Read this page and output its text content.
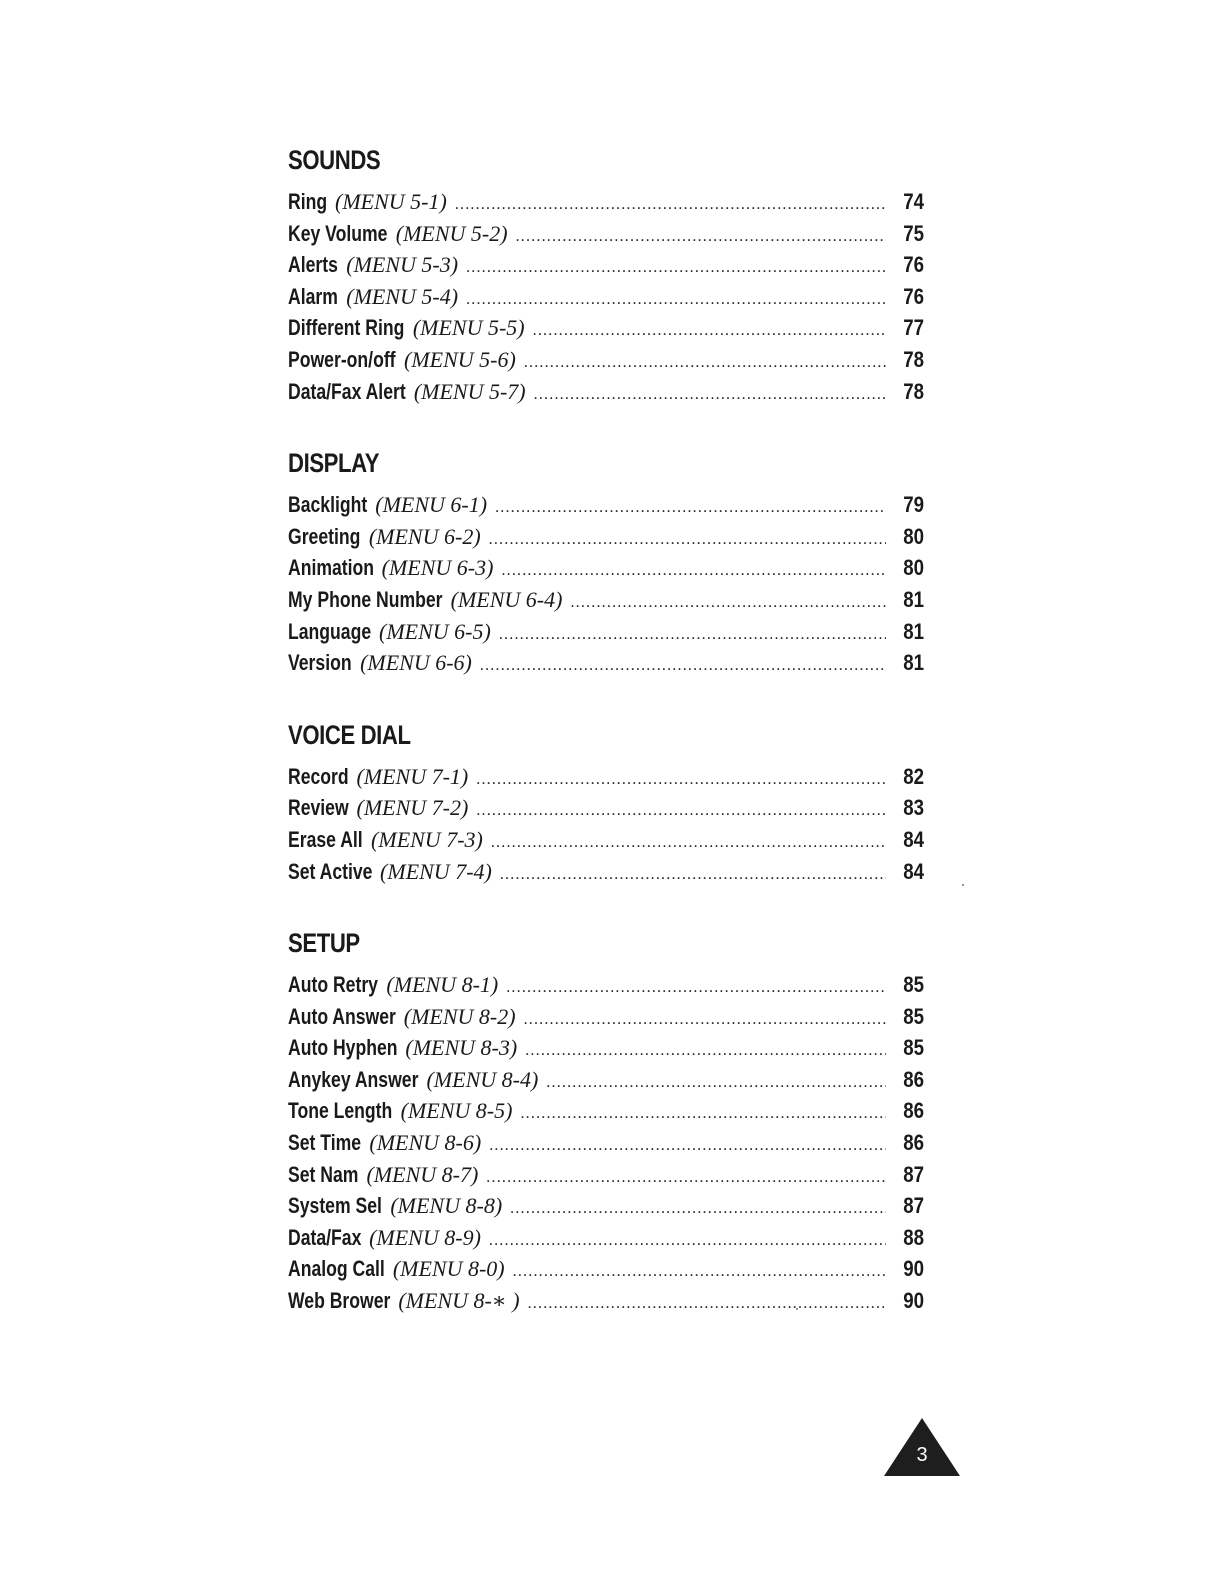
SOUNDS
Ring (MENU 5-1) .....	74
Key Volume (MENU 5-2) .....	75
Alerts (MENU 5-3) .....	76
Alarm (MENU 5-4) .....	76
Different Ring (MENU 5-5) .....	77
Power-on/off (MENU 5-6) .....	78
Data/Fax Alert (MENU 5-7) .....	78
DISPLAY
Backlight (MENU 6-1) .....	79
Greeting (MENU 6-2) .....	80
Animation (MENU 6-3) .....	80
My Phone Number (MENU 6-4) .....	81
Language (MENU 6-5) .....	81
Version (MENU 6-6) .....	81
VOICE DIAL
Record (MENU 7-1) .....	82
Review (MENU 7-2) .....	83
Erase All (MENU 7-3) .....	84
Set Active (MENU 7-4) .....	84
SETUP
Auto Retry (MENU 8-1) .....	85
Auto Answer (MENU 8-2) .....	85
Auto Hyphen (MENU 8-3) .....	85
Anykey Answer (MENU 8-4) .....	86
Tone Length (MENU 8-5) .....	86
Set Time (MENU 8-6) .....	86
Set Nam (MENU 8-7) .....	87
System Sel (MENU 8-8) .....	87
Data/Fax (MENU 8-9) .....	88
Analog Call (MENU 8-0) .....	90
Web Brower (MENU 8-∗ ) .....	90
3
